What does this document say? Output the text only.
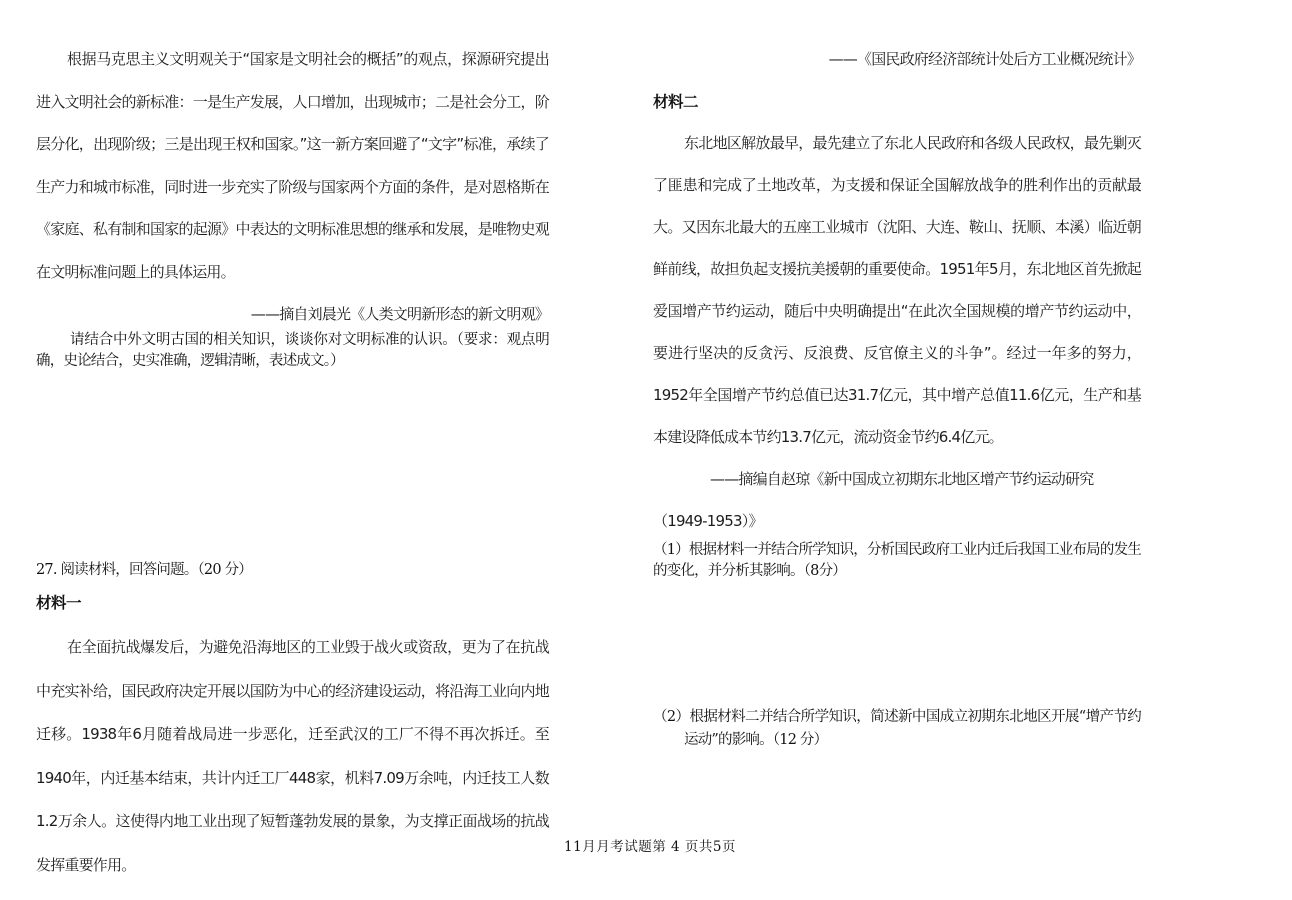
根据马克思主义文明观关于“国家是文明社会的概括”的观点，探源研究提出进入文明社会的新标准：一是生产发展，人口增加，出现城市；二是社会分工，阶层分化，出现阶级；三是出现王权和国家。”这一新方案回避了“文字”标准，承续了生产力和城市标准，同时进一步充实了阶级与国家两个方面的条件，是对恩格斯在《家庭、私有制和国家的起源》中表达的文明标准思想的继承和发展，是唯物史观在文明标准问题上的具体运用。

——摘自刘晨光《人类文明新形态的新文明观》

请结合中外文明古国的相关知识，谈谈你对文明标准的认识。（要求：观点明确，史论结合，史实准确，逻辑清晰，表述成文。）

27. 阅读材料，回答问题。（20 分）

材料一

在全面抗战爆发后，为避免沿海地区的工业毁于战火或资敌，更为了在抗战中充实补给，国民政府决定开展以国防为中心的经济建设运动，将沿海工业向内地迁移。1938年6月随着战局进一步恶化，迁至武汉的工厂不得不再次拆迁。至1940年，内迁基本结束，共计内迁工厂448家，机料7.09万余吨，内迁技工人数1.2万余人。这使得内地工业出现了短暂蓬勃发展的景象，为支撑正面战场的抗战发挥重要作用。

——《国民政府经济部统计处后方工业概况统计》

材料二

东北地区解放最早，最先建立了东北人民政府和各级人民政权，最先剿灭了匪患和完成了土地改革，为支援和保证全国解放战争的胜利作出的贡献最大。又因东北最大的五座工业城市（沈阳、大连、鞍山、抚顺、本溪）临近朝鲜前线，故担负起支援抗美援朝的重要使命。1951年5月，东北地区首先掀起爱国增产节约运动，随后中央明确提出“在此次全国规模的增产节约运动中，要进行坚决的反贪污、反浪费、反官僚主义的斗争”。经过一年多的努力，1952年全国增产节约总值已达31.7亿元，其中增产总值11.6亿元，生产和基本建设降低成本节约13.7亿元，流动资金节约6.4亿元。

——摘编自赵琼《新中国成立初期东北地区增产节约运动研究

（1949-1953）》

（1）根据材料一并结合所学知识，分析国民政府工业内迁后我国工业布局的发生的变化，并分析其影响。（8分）

（2）根据材料二并结合所学知识，简述新中国成立初期东北地区开展“增产节约运动”的影响。（12 分）

11月月考试题第 4 页共5页
